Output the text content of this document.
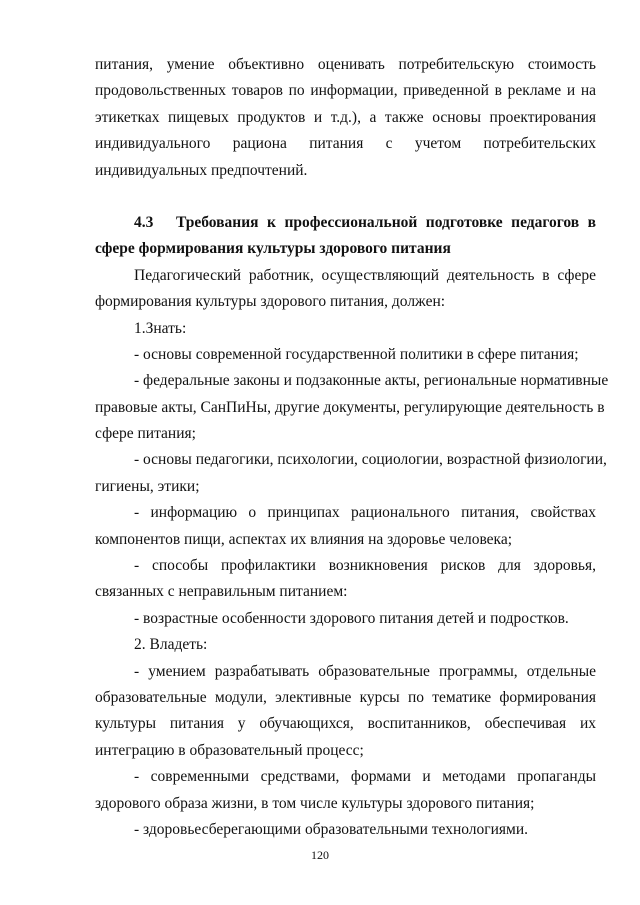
питания, умение объективно оценивать потребительскую стоимость
продовольственных товаров по информации, приведенной в рекламе и на
этикетках пищевых продуктов и т.д.), а также основы проектирования
индивидуального рациона питания с учетом потребительских
индивидуальных предпочтений.
4.3 Требования к профессиональной подготовке педагогов в
сфере формирования культуры здорового питания
Педагогический работник, осуществляющий деятельность в сфере
формирования культуры здорового питания, должен:
1.Знать:
- основы современной государственной политики в сфере питания;
- федеральные законы и подзаконные акты, региональные нормативные
правовые акты, СанПиНы, другие документы, регулирующие деятельность в
сфере питания;
- основы педагогики, психологии, социологии, возрастной физиологии,
гигиены, этики;
- информацию о принципах рационального питания, свойствах
компонентов пищи, аспектах их влияния на здоровье человека;
- способы профилактики возникновения рисков для здоровья,
связанных с неправильным питанием:
- возрастные особенности здорового питания детей и подростков.
2. Владеть:
- умением разрабатывать образовательные программы, отдельные
образовательные модули, элективные курсы по тематике формирования
культуры питания у обучающихся, воспитанников, обеспечивая их
интеграцию в образовательный процесс;
- современными средствами, формами и методами пропаганды
здорового образа жизни, в том числе культуры здорового питания;
- здоровьесберегающими образовательными технологиями.
120
